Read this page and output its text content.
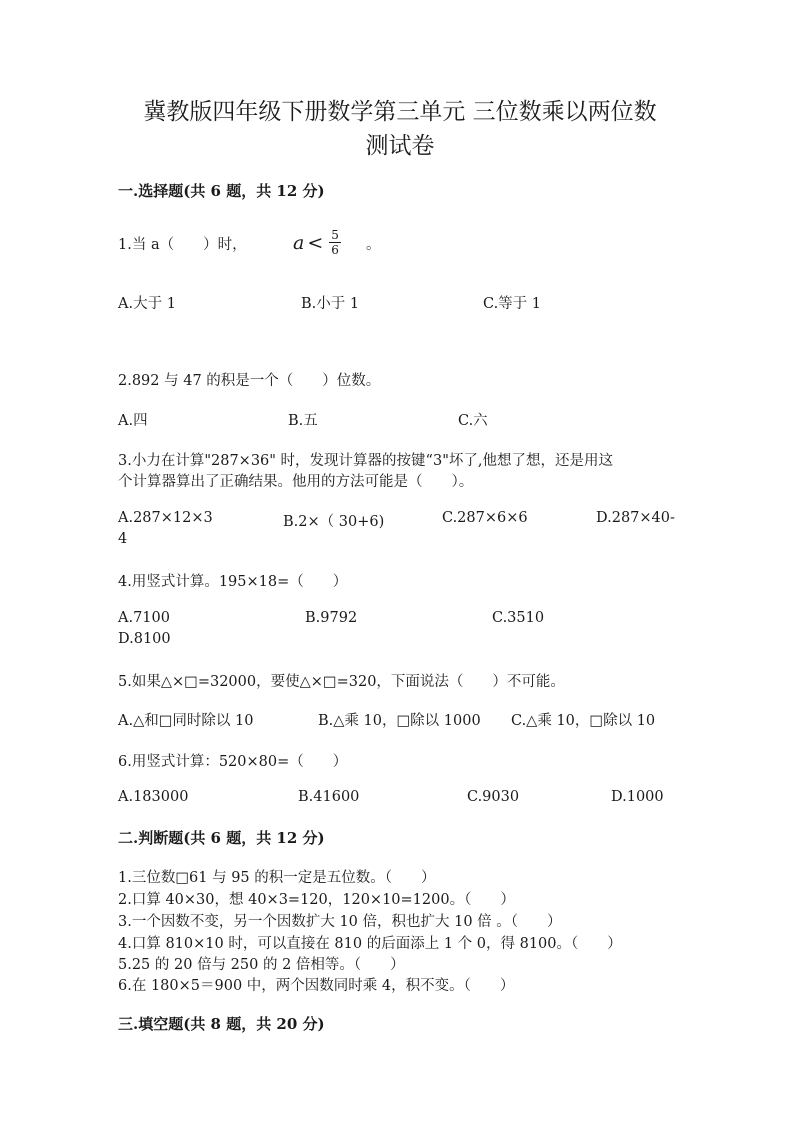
冀教版四年级下册数学第三单元 三位数乘以两位数
测试卷
一.选择题(共 6 题，共 12 分)
1.当 a（　　）时， $a < \frac{5}{6}$ 。
A.大于 1	B.小于 1	C.等于 1
2.892 与 47 的积是一个（　　）位数。
A.四	B.五	C.六
3.小力在计算"287×36" 时，发现计算器的按键“3"坏了,他想了想，还是用这
个计算器算出了正确结果。他用的方法可能是（　　）。
A.287×12×3	B.2×（ 30+6)	C.287×6×6	D.287×40-
4
4.用竖式计算。195×18=（　　）
A.7100	B.9792	C.3510
D.8100
5.如果△×□=32000，要使△×□=320，下面说法（　　）不可能。
A.△和□同时除以 10	B.△乘 10，□除以 1000 C.△乘 10，□除以 10
6.用竖式计算：520×80=（　　）
A.183000	B.41600	C.9030	D.1000
二.判断题(共 6 题，共 12 分)
1.三位数□61 与 95 的积一定是五位数。（　　）
2.口算 40×30，想 40×3=120，120×10=1200。（　　）
3.一个因数不变，另一个因数扩大 10 倍，积也扩大 10 倍 。（　　）
4.口算 810×10 时，可以直接在 810 的后面添上 1 个 0，得 8100。（　　）
5.25 的 20 倍与 250 的 2 倍相等。（　　）
6.在 180×5＝900 中，两个因数同时乘 4，积不变。（　　）
三.填空题(共 8 题，共 20 分)
